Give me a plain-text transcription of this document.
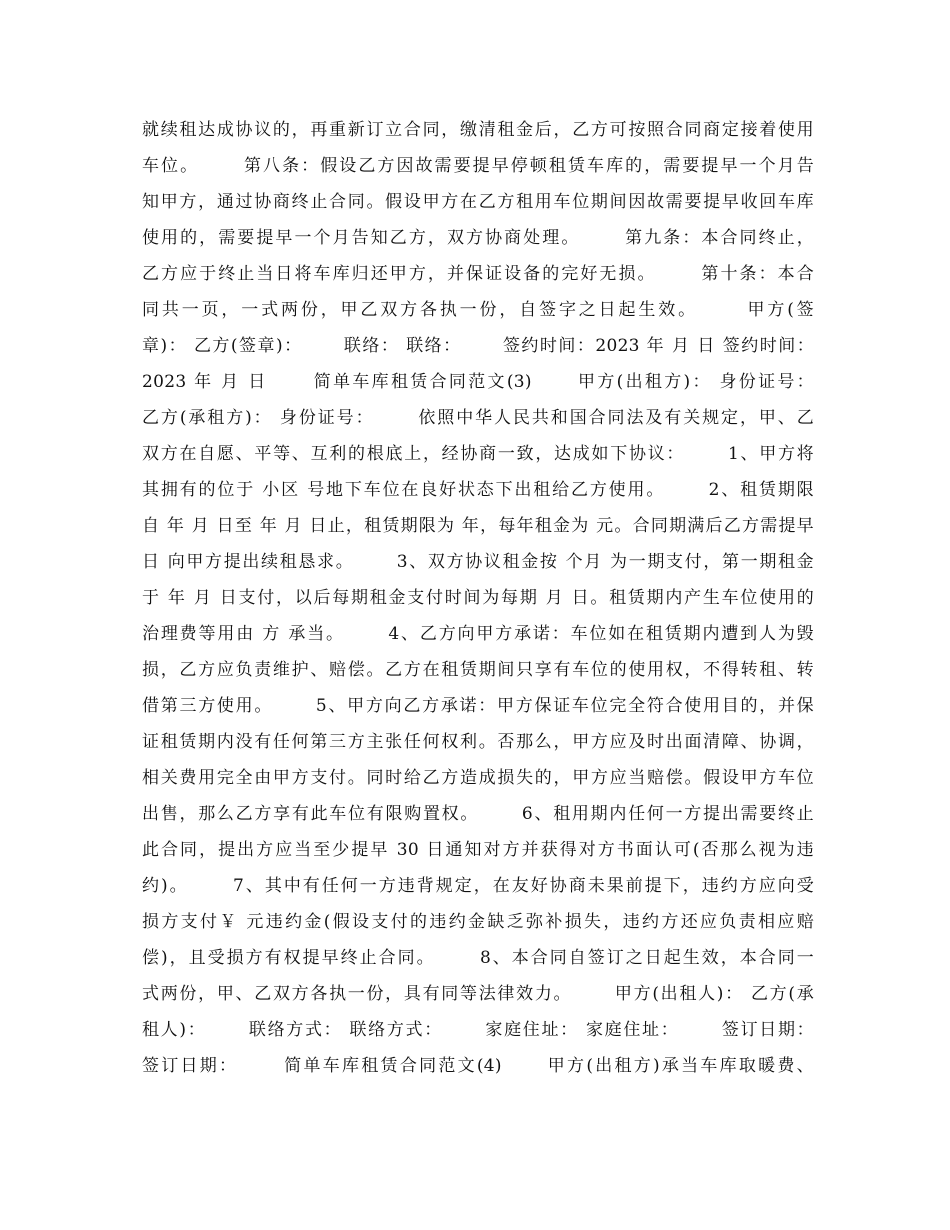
就续租达成协议的，再重新订立合同，缴清租金后，乙方可按照合同商定接着使用
车位。      第八条：假设乙方因故需要提早停顿租赁车库的，需要提早一个月告
知甲方，通过协商终止合同。假设甲方在乙方租用车位期间因故需要提早收回车库
使用的，需要提早一个月告知乙方，双方协商处理。      第九条：本合同终止，
乙方应于终止当日将车库归还甲方，并保证设备的完好无损。      第十条：本合
同共一页，一式两份，甲乙双方各执一份，自签字之日起生效。      甲方(签
章)： 乙方(签章)：      联络： 联络：      签约时间：2023 年 月 日 签约时间：
2023 年 月 日      简单车库租赁合同范文(3)      甲方(出租方)： 身份证号：
乙方(承租方)： 身份证号：      依照中华人民共和国合同法及有关规定，甲、乙
双方在自愿、平等、互利的根底上，经协商一致，达成如下协议：      1、甲方将
其拥有的位于 小区 号地下车位在良好状态下出租给乙方使用。      2、租赁期限
自 年 月 日至 年 月 日止，租赁期限为 年，每年租金为 元。合同期满后乙方需提早
日 向甲方提出续租恳求。      3、双方协议租金按 个月 为一期支付，第一期租金
于 年 月 日支付，以后每期租金支付时间为每期 月 日。租赁期内产生车位使用的
治理费等用由 方 承当。      4、乙方向甲方承诺：车位如在租赁期内遭到人为毁
损，乙方应负责维护、赔偿。乙方在租赁期间只享有车位的使用权，不得转租、转
借第三方使用。      5、甲方向乙方承诺：甲方保证车位完全符合使用目的，并保
证租赁期内没有任何第三方主张任何权利。否那么，甲方应及时出面清障、协调，
相关费用完全由甲方支付。同时给乙方造成损失的，甲方应当赔偿。假设甲方车位
出售，那么乙方享有此车位有限购置权。      6、租用期内任何一方提出需要终止
此合同，提出方应当至少提早 30 日通知对方并获得对方书面认可(否那么视为违
约)。      7、其中有任何一方违背规定，在友好协商未果前提下，违约方应向受
损方支付￥ 元违约金(假设支付的违约金缺乏弥补损失，违约方还应负责相应赔
偿)，且受损方有权提早终止合同。      8、本合同自签订之日起生效，本合同一
式两份，甲、乙双方各执一份，具有同等法律效力。      甲方(出租人)： 乙方(承
租人)：      联络方式： 联络方式：      家庭住址： 家庭住址：      签订日期：
签订日期：      简单车库租赁合同范文(4)      甲方(出租方)承当车库取暖费、
